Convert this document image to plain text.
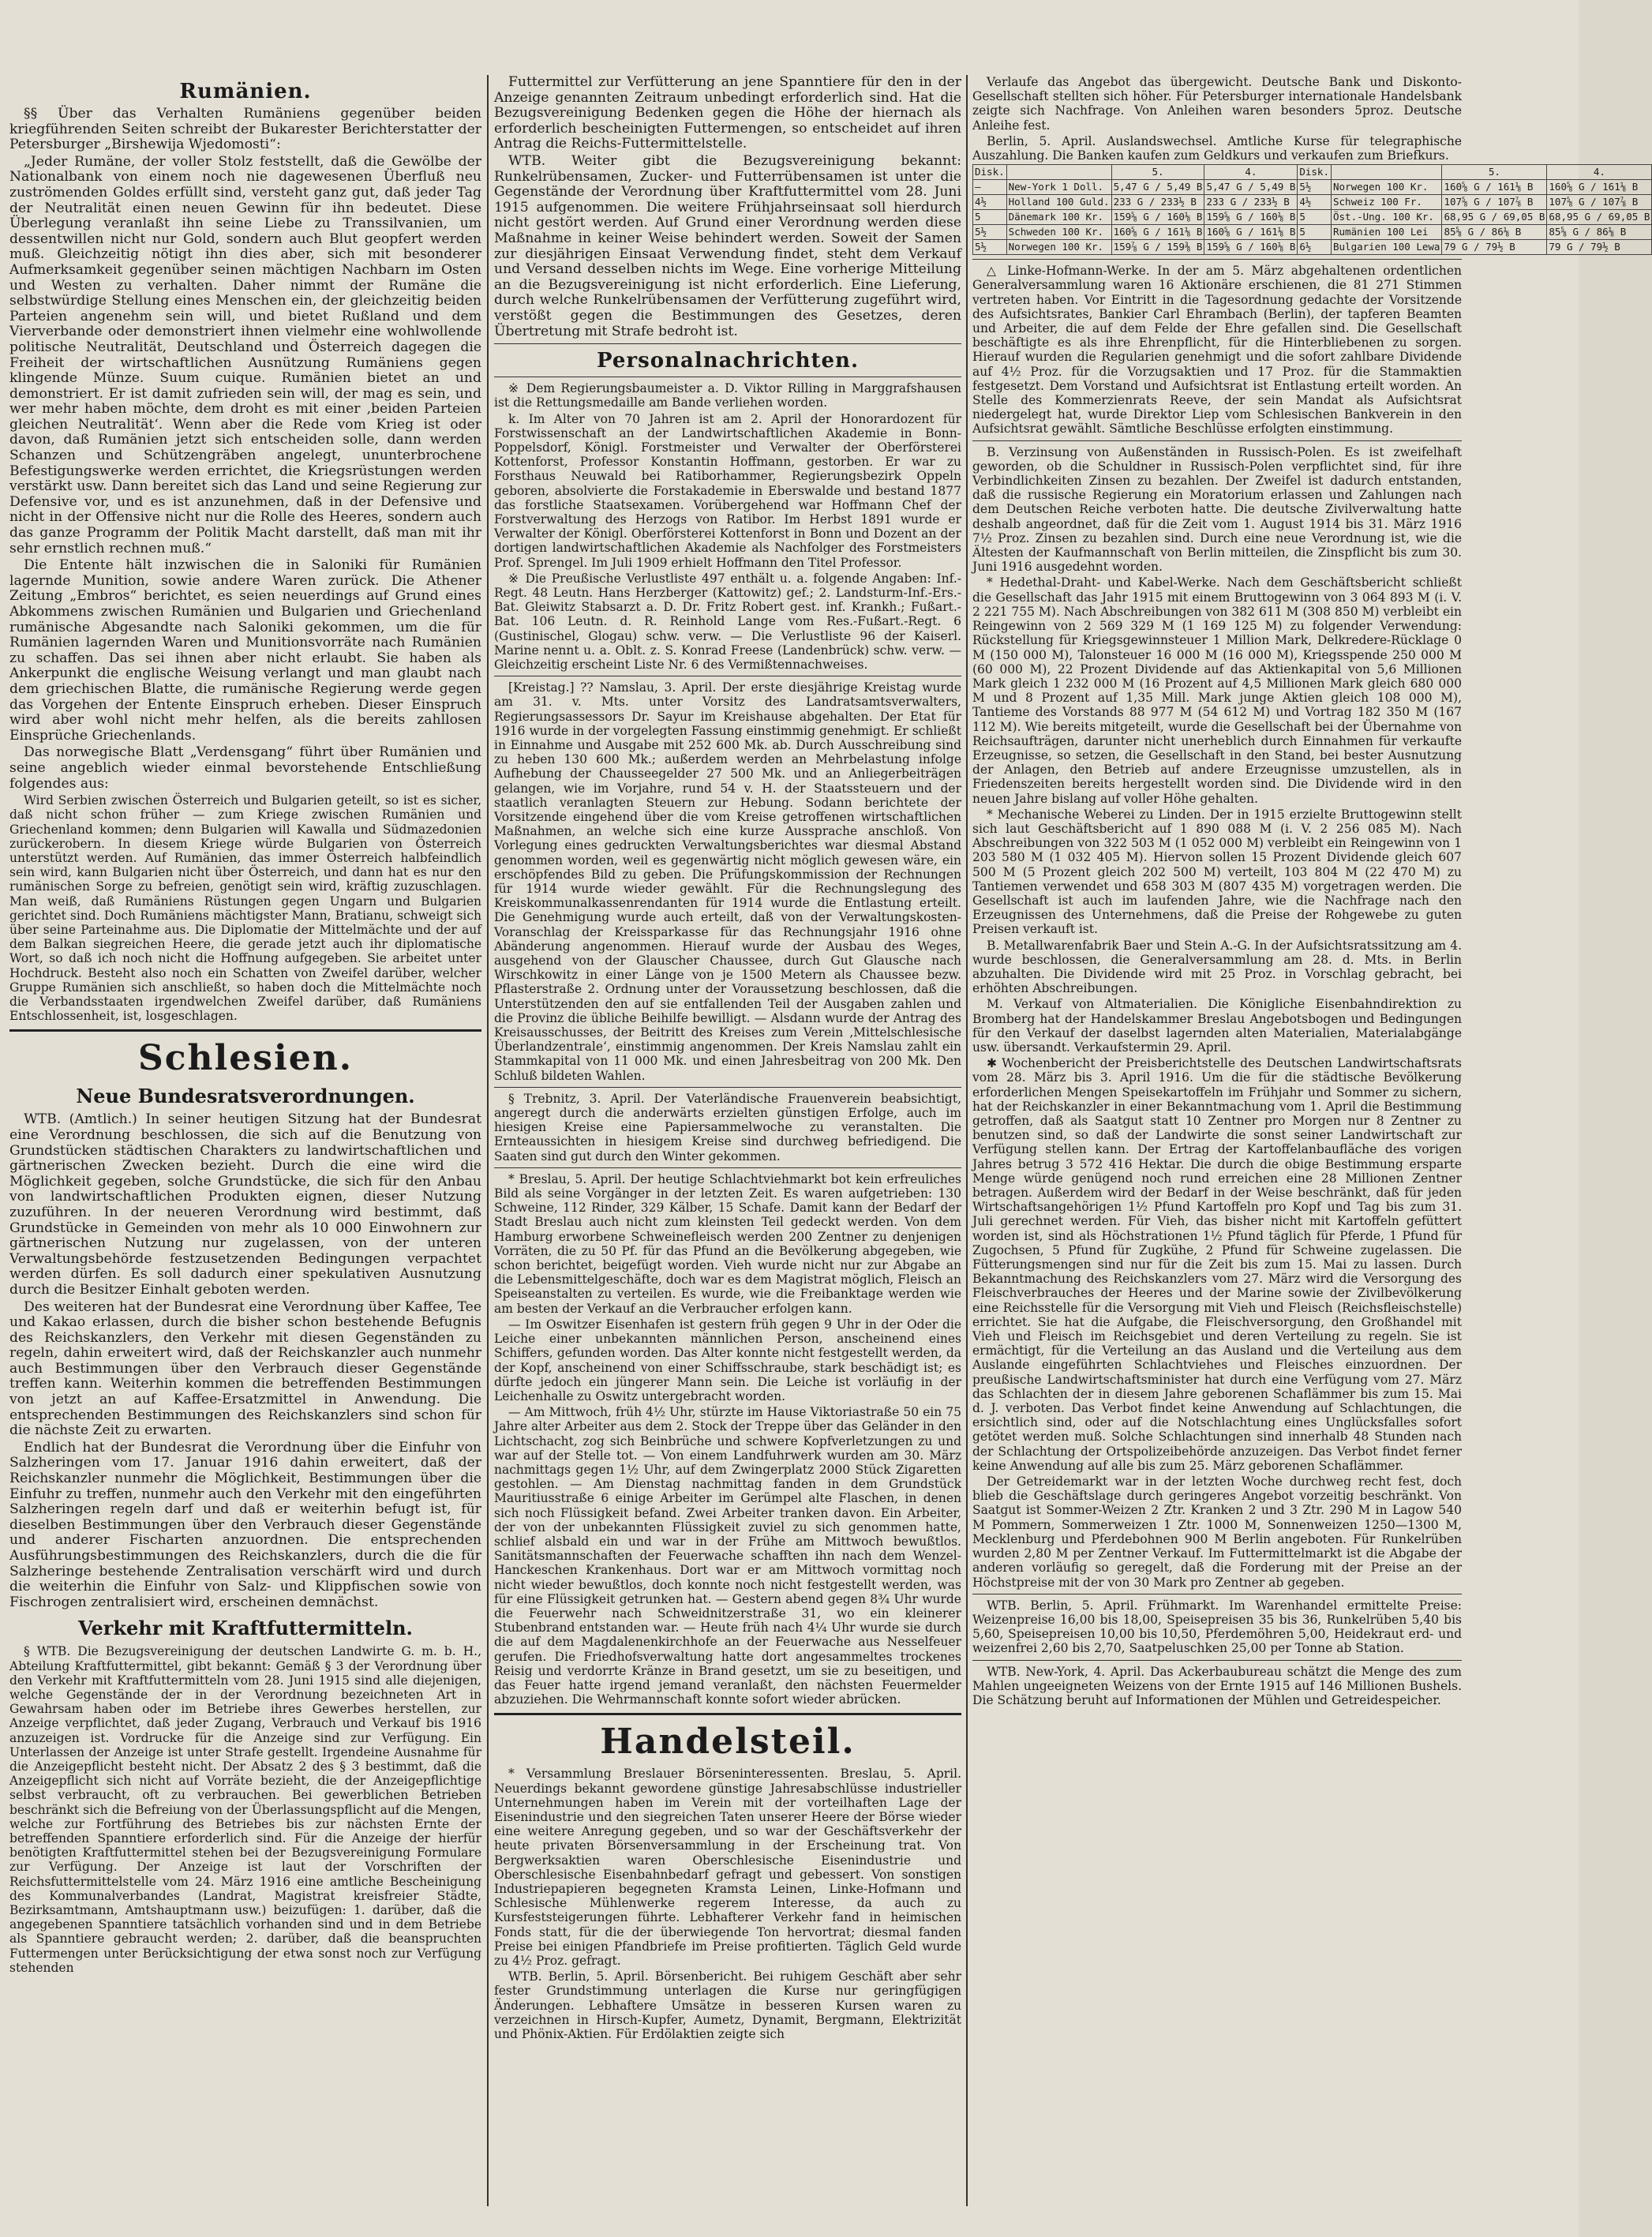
Rumänien.

§§ Über das Verhalten Rumäniens gegenüber beiden kriegführenden Seiten schreibt der Bukarester Berichterstatter der Petersburger „Birshewija Wjedomosti“:

„Jeder Rumäne, der voller Stolz feststellt, daß die Gewölbe der Nationalbank von einem noch nie dagewesenen Überfluß neu zuströmenden Goldes erfüllt sind, versteht ganz gut, daß jeder Tag der Neutralität einen neuen Gewinn für ihn bedeutet. Diese Überlegung veranlaßt ihn seine Liebe zu Transsilvanien, um dessentwillen nicht nur Gold, sondern auch Blut geopfert werden muß. Gleichzeitig nötigt ihn dies aber, sich mit besonderer Aufmerksamkeit gegenüber seinen mächtigen Nachbarn im Osten und Westen zu verhalten. Daher nimmt der Rumäne die selbstwürdige Stellung eines Menschen ein, der gleichzeitig beiden Parteien angenehm sein will, und bietet Rußland und dem Vierverbande oder demonstriert ihnen vielmehr eine wohlwollende politische Neutralität, Deutschland und Österreich dagegen die Freiheit der wirtschaftlichen Ausnützung Rumäniens gegen klingende Münze. Suum cuique. Rumänien bietet an und demonstriert. Er ist damit zufrieden sein will, der mag es sein, und wer mehr haben möchte, dem droht es mit einer ‚beiden Parteien gleichen Neutralität‘. Wenn aber die Rede vom Krieg ist oder davon, daß Rumänien jetzt sich entscheiden solle, dann werden Schanzen und Schützengräben angelegt, ununterbrochene Befestigungswerke werden errichtet, die Kriegsrüstungen werden verstärkt usw. Dann bereitet sich das Land und seine Regierung zur Defensive vor, und es ist anzunehmen, daß in der Defensive und nicht in der Offensive nicht nur die Rolle des Heeres, sondern auch das ganze Programm der Politik Macht darstellt, daß man mit ihr sehr ernstlich rechnen muß.“

Die Entente hält inzwischen die in Saloniki für Rumänien lagernde Munition, sowie andere Waren zurück. Die Athener Zeitung „Embros“ berichtet, es seien neuerdings auf Grund eines Abkommens zwischen Rumänien und Bulgarien und Griechenland rumänische Abgesandte nach Saloniki gekommen, um die für Rumänien lagernden Waren und Munitionsvorräte nach Rumänien zu schaffen. Das sei ihnen aber nicht erlaubt. Sie haben als Ankerpunkt die englische Weisung verlangt und man glaubt nach dem griechischen Blatte, die rumänische Regierung werde gegen das Vorgehen der Entente Einspruch erheben. Dieser Einspruch wird aber wohl nicht mehr helfen, als die bereits zahllosen Einsprüche Griechenlands.

Das norwegische Blatt „Verdensgang“ führt über Rumänien und seine angeblich wieder einmal bevorstehende Entschließung folgendes aus:

Wird Serbien zwischen Österreich und Bulgarien geteilt, so ist es sicher, daß nicht schon früher — zum Kriege zwischen Rumänien und Griechenland kommen; denn Bulgarien will Kawalla und Südmazedonien zurückerobern. In diesem Kriege würde Bulgarien von Österreich unterstützt werden. Auf Rumänien, das immer Österreich halbfeindlich sein wird, kann Bulgarien nicht über Österreich, und dann hat es nur den rumänischen Sorge zu befreien, genötigt sein wird, kräftig zuzuschlagen. Man weiß, daß Rumäniens Rüstungen gegen Ungarn und Bulgarien gerichtet sind. Doch Rumäniens mächtigster Mann, Bratianu, schweigt sich über seine Parteinahme aus. Die Diplomatie der Mittelmächte und der auf dem Balkan siegreichen Heere, die gerade jetzt auch ihr diplomatische Wort, so daß ich noch nicht die Hoffnung aufgegeben. Sie arbeitet unter Hochdruck. Besteht also noch ein Schatten von Zweifel darüber, welcher Gruppe Rumänien sich anschließt, so haben doch die Mittelmächte noch die Verbandsstaaten irgendwelchen Zweifel darüber, daß Rumäniens Entschlossenheit, ist, losgeschlagen.

Schlesien.
Neue Bundesratsverordnungen.

WTB. (Amtlich.) In seiner heutigen Sitzung hat der Bundesrat eine Verordnung beschlossen, die sich auf die Benutzung von Grundstücken städtischen Charakters zu landwirtschaftlichen und gärtnerischen Zwecken bezieht. Durch die eine wird die Möglichkeit gegeben, solche Grundstücke, die sich für den Anbau von landwirtschaftlichen Produkten eignen, dieser Nutzung zuzuführen. In der neueren Verordnung wird bestimmt, daß Grundstücke in Gemeinden von mehr als 10 000 Einwohnern zur gärtnerischen Nutzung nur zugelassen, von der unteren Verwaltungsbehörde festzusetzenden Bedingungen verpachtet werden dürfen. Es soll dadurch einer spekulativen Ausnutzung durch die Besitzer Einhalt geboten werden.

Des weiteren hat der Bundesrat eine Verordnung über Kaffee, Tee und Kakao erlassen, durch die bisher schon bestehende Befugnis des Reichskanzlers, den Verkehr mit diesen Gegenständen zu regeln, dahin erweitert wird, daß der Reichskanzler auch nunmehr auch Bestimmungen über den Verbrauch dieser Gegenstände treffen kann. Weiterhin kommen die betreffenden Bestimmungen von jetzt an auf Kaffee-Ersatzmittel in Anwendung. Die entsprechenden Bestimmungen des Reichskanzlers sind schon für die nächste Zeit zu erwarten.

Endlich hat der Bundesrat die Verordnung über die Einfuhr von Salzheringen vom 17. Januar 1916 dahin erweitert, daß der Reichskanzler nunmehr die Möglichkeit, Bestimmungen über die Einfuhr zu treffen, nunmehr auch den Verkehr mit den eingeführten Salzheringen regeln darf und daß er weiterhin befugt ist, für dieselben Bestimmungen über den Verbrauch dieser Gegenstände und anderer Fischarten anzuordnen. Die entsprechenden Ausführungsbestimmungen des Reichskanzlers, durch die die für Salzheringe bestehende Zentralisation verschärft wird und durch die weiterhin die Einfuhr von Salz- und Klippfischen sowie von Fischrogen zentralisiert wird, erscheinen demnächst.

Verkehr mit Kraftfuttermitteln.

§ WTB. Die Bezugsvereinigung der deutschen Landwirte G. m. b. H., Abteilung Kraftfuttermittel, gibt bekannt: Gemäß § 3 der Verordnung über den Verkehr mit Kraftfuttermitteln vom 28. Juni 1915 sind alle diejenigen, welche Gegenstände der in der Verordnung bezeichneten Art in Gewahrsam haben oder im Betriebe ihres Gewerbes herstellen, zur Anzeige verpflichtet, daß jeder Zugang, Verbrauch und Verkauf bis 1916 anzuzeigen ist. Vordrucke für die Anzeige sind zur Verfügung. Ein Unterlassen der Anzeige ist unter Strafe gestellt. Irgendeine Ausnahme für die Anzeigepflicht besteht nicht. Der Absatz 2 des § 3 bestimmt, daß die Anzeigepflicht sich nicht auf Vorräte bezieht, die der Anzeigepflichtige selbst verbraucht, oft zu verbrauchen. Bei gewerblichen Betrieben beschränkt sich die Befreiung von der Überlassungspflicht auf die Mengen, welche zur Fortführung des Betriebes bis zur nächsten Ernte der betreffenden Spanntiere erforderlich sind. Für die Anzeige der hierfür benötigten Kraftfuttermittel stehen bei der Bezugsvereinigung Formulare zur Verfügung. Der Anzeige ist laut der Vorschriften der Reichsfuttermittelstelle vom 24. März 1916 eine amtliche Bescheinigung des Kommunalverbandes (Landrat, Magistrat kreisfreier Städte, Bezirksamtmann, Amtshauptmann usw.) beizufügen: 1. darüber, daß die angegebenen Spanntiere tatsächlich vorhanden sind und in dem Betriebe als Spanntiere gebraucht werden; 2. darüber, daß die beanspruchten Futtermengen unter Berücksichtigung der etwa sonst noch zur Verfügung stehenden

Futtermittel zur Verfütterung an jene Spanntiere für den in der Anzeige genannten Zeitraum unbedingt erforderlich sind. Hat die Bezugsvereinigung Bedenken gegen die Höhe der hiernach als erforderlich bescheinigten Futtermengen, so entscheidet auf ihren Antrag die Reichs-Futtermittelstelle.

WTB. Weiter gibt die Bezugsvereinigung bekannt: Runkelrübensamen, Zucker- und Futterrübensamen ist unter die Gegenstände der Verordnung über Kraftfuttermittel vom 28. Juni 1915 aufgenommen. Die weitere Frühjahrseinsaat soll hierdurch nicht gestört werden. Auf Grund einer Verordnung werden diese Maßnahme in keiner Weise behindert werden. Soweit der Samen zur diesjährigen Einsaat Verwendung findet, steht dem Verkauf und Versand desselben nichts im Wege. Eine vorherige Mitteilung an die Bezugsvereinigung ist nicht erforderlich. Eine Lieferung, durch welche Runkelrübensamen der Verfütterung zugeführt wird, verstößt gegen die Bestimmungen des Gesetzes, deren Übertretung mit Strafe bedroht ist.

Personalnachrichten.

※ Dem Regierungsbaumeister a. D. Viktor Rilling in Marggrafshausen ist die Rettungsmedaille am Bande verliehen worden.

k. Im Alter von 70 Jahren ist am 2. April der Honorardozent für Forstwissenschaft an der Landwirtschaftlichen Akademie in Bonn-Poppelsdorf, Königl. Forstmeister und Verwalter der Oberförsterei Kottenforst, Professor Konstantin Hoffmann, gestorben. Er war zu Forsthaus Neuwald bei Ratiborhammer, Regierungsbezirk Oppeln geboren, absolvierte die Forstakademie in Eberswalde und bestand 1877 das forstliche Staatsexamen. Vorübergehend war Hoffmann Chef der Forstverwaltung des Herzogs von Ratibor. Im Herbst 1891 wurde er Verwalter der Königl. Oberförsterei Kottenforst in Bonn und Dozent an der dortigen landwirtschaftlichen Akademie als Nachfolger des Forstmeisters Prof. Sprengel. Im Juli 1909 erhielt Hoffmann den Titel Professor.

※ Die Preußische Verlustliste 497 enthält u. a. folgende Angaben: Inf.-Regt. 48 Leutn. Hans Herzberger (Kattowitz) gef.; 2. Landsturm-Inf.-Ers.-Bat. Gleiwitz Stabsarzt a. D. Dr. Fritz Robert gest. inf. Krankh.; Fußart.-Bat. 106 Leutn. d. R. Reinhold Lange vom Res.-Fußart.-Regt. 6 (Gustinischel, Glogau) schw. verw. — Die Verlustliste 96 der Kaiserl. Marine nennt u. a. Oblt. z. S. Konrad Freese (Landenbrück) schw. verw. — Gleichzeitig erscheint Liste Nr. 6 des Vermißtennachweises.

[Kreistag.] ?? Namslau, 3. April. Der erste diesjährige Kreistag wurde am 31. v. Mts. unter Vorsitz des Landratsamtsverwalters, Regierungsassessors Dr. Sayur im Kreishause abgehalten. Der Etat für 1916 wurde in der vorgelegten Fassung einstimmig genehmigt. Er schließt in Einnahme und Ausgabe mit 252 600 Mk. ab. Durch Ausschreibung sind zu heben 130 600 Mk.; außerdem werden an Mehrbelastung infolge Aufhebung der Chausseegelder 27 500 Mk. und an Anliegerbeiträgen gelangen, wie im Vorjahre, rund 54 v. H. der Staatssteuern und der staatlich veranlagten Steuern zur Hebung. Sodann berichtete der Vorsitzende eingehend über die vom Kreise getroffenen wirtschaftlichen Maßnahmen, an welche sich eine kurze Aussprache anschloß. Von Vorlegung eines gedruckten Verwaltungsberichtes war diesmal Abstand genommen worden, weil es gegenwärtig nicht möglich gewesen wäre, ein erschöpfendes Bild zu geben. Die Prüfungskommission der Rechnungen für 1914 wurde wieder gewählt. Für die Rechnungslegung des Kreiskommunalkassenrendanten für 1914 wurde die Entlastung erteilt. Die Genehmigung wurde auch erteilt, daß von der Verwaltungskosten-Voranschlag der Kreissparkasse für das Rechnungsjahr 1916 ohne Abänderung angenommen. Hierauf wurde der Ausbau des Weges, ausgehend von der Glauscher Chaussee, durch Gut Glausche nach Wirschkowitz in einer Länge von je 1500 Metern als Chaussee bezw. Pflasterstraße 2. Ordnung unter der Voraussetzung beschlossen, daß die Unterstützenden den auf sie entfallenden Teil der Ausgaben zahlen und die Provinz die übliche Beihilfe bewilligt. — Alsdann wurde der Antrag des Kreisausschusses, der Beitritt des Kreises zum Verein ‚Mittelschlesische Überlandzentrale‘, einstimmig angenommen. Der Kreis Namslau zahlt ein Stammkapital von 11 000 Mk. und einen Jahresbeitrag von 200 Mk. Den Schluß bildeten Wahlen.

§ Trebnitz, 3. April. Der Vaterländische Frauenverein beabsichtigt, angeregt durch die anderwärts erzielten günstigen Erfolge, auch im hiesigen Kreise eine Papiersammelwoche zu veranstalten. Die Ernteaussichten in hiesigem Kreise sind durchweg befriedigend. Die Saaten sind gut durch den Winter gekommen.

* Breslau, 5. April. Der heutige Schlachtviehmarkt bot kein erfreuliches Bild als seine Vorgänger in der letzten Zeit. Es waren aufgetrieben: 130 Schweine, 112 Rinder, 329 Kälber, 15 Schafe. Damit kann der Bedarf der Stadt Breslau auch nicht zum kleinsten Teil gedeckt werden. Von dem Hamburg erworbene Schweinefleisch werden 200 Zentner zu denjenigen Vorräten, die zu 50 Pf. für das Pfund an die Bevölkerung abgegeben, wie schon berichtet, beigefügt worden. Vieh wurde nicht nur zur Abgabe an die Lebensmittelgeschäfte, doch war es dem Magistrat möglich, Fleisch an Speiseanstalten zu verteilen. Es wurde, wie die Freibanktage werden wie am besten der Verkauf an die Verbraucher erfolgen kann.

— Im Oswitzer Eisenhafen ist gestern früh gegen 9 Uhr in der Oder die Leiche einer unbekannten männlichen Person, anscheinend eines Schiffers, gefunden worden. Das Alter konnte nicht festgestellt werden, da der Kopf, anscheinend von einer Schiffsschraube, stark beschädigt ist; es dürfte jedoch ein jüngerer Mann sein. Die Leiche ist vorläufig in der Leichenhalle zu Oswitz untergebracht worden.

— Am Mittwoch, früh 4½ Uhr, stürzte im Hause Viktoriastraße 50 ein 75 Jahre alter Arbeiter aus dem 2. Stock der Treppe über das Geländer in den Lichtschacht, zog sich Beinbrüche und schwere Kopfverletzungen zu und war auf der Stelle tot. — Von einem Landfuhrwerk wurden am 30. März nachmittags gegen 1½ Uhr, auf dem Zwingerplatz 2000 Stück Zigaretten gestohlen. — Am Dienstag nachmittag fanden in dem Grundstück Mauritiusstraße 6 einige Arbeiter im Gerümpel alte Flaschen, in denen sich noch Flüssigkeit befand. Zwei Arbeiter tranken davon. Ein Arbeiter, der von der unbekannten Flüssigkeit zuviel zu sich genommen hatte, schlief alsbald ein und war in der Frühe am Mittwoch bewußtlos. Sanitätsmannschaften der Feuerwache schafften ihn nach dem Wenzel-Hanckeschen Krankenhaus. Dort war er am Mittwoch vormittag noch nicht wieder bewußtlos, doch konnte noch nicht festgestellt werden, was für eine Flüssigkeit getrunken hat. — Gestern abend gegen 8¾ Uhr wurde die Feuerwehr nach Schweidnitzerstraße 31, wo ein kleinerer Stubenbrand entstanden war. — Heute früh nach 4¼ Uhr wurde sie durch die auf dem Magdalenenkirchhofe an der Feuerwache aus Nesselfeuer gerufen. Die Friedhofsverwaltung hatte dort angesammeltes trockenes Reisig und verdorrte Kränze in Brand gesetzt, um sie zu beseitigen, und das Feuer hatte irgend jemand veranlaßt, den nächsten Feuermelder abzuziehen. Die Wehrmannschaft konnte sofort wieder abrücken.

Handelsteil.

* Versammlung Breslauer Börseninteressenten. Breslau, 5. April. Neuerdings bekannt gewordene günstige Jahresabschlüsse industrieller Unternehmungen haben im Verein mit der vorteilhaften Lage der Eisenindustrie und den siegreichen Taten unserer Heere der Börse wieder eine weitere Anregung gegeben, und so war der Geschäftsverkehr der heute privaten Börsenversammlung in der Erscheinung trat. Von Bergwerksaktien waren Oberschlesische Eisenindustrie und Oberschlesische Eisenbahnbedarf gefragt und gebessert. Von sonstigen Industriepapieren begegneten Kramsta Leinen, Linke-Hofmann und Schlesische Mühlenwerke regerem Interesse, da auch zu Kursfeststeigerungen führte. Lebhafterer Verkehr fand in heimischen Fonds statt, für die der überwiegende Ton hervortrat; diesmal fanden Preise bei einigen Pfandbriefe im Preise profitierten. Täglich Geld wurde zu 4½ Proz. gefragt.

WTB. Berlin, 5. April. Börsenbericht. Bei ruhigem Geschäft aber sehr fester Grundstimmung unterlagen die Kurse nur geringfügigen Änderungen. Lebhaftere Umsätze in besseren Kursen waren zu verzeichnen in Hirsch-Kupfer, Aumetz, Dynamit, Bergmann, Elektrizität und Phönix-Aktien. Für Erdölaktien zeigte sich

Verlaufe das Angebot das übergewicht. Deutsche Bank und Diskonto-Gesellschaft stellten sich höher. Für Petersburger internationale Handelsbank zeigte sich Nachfrage. Von Anleihen waren besonders 5proz. Deutsche Anleihe fest.

Berlin, 5. April. Auslandswechsel. Amtliche Kurse für telegraphische Auszahlung. Die Banken kaufen zum Geldkurs und verkaufen zum Briefkurs.

Disk.		5.	4.	Disk.		5.	4.
—	New-York 1 Doll.	5,47 G / 5,49 B	5,47 G / 5,49 B	5½	Norwegen 100 Kr.	160⅝ G / 161⅛ B	160⅝ G / 161⅛ B
4½	Holland 100 Guld.	233 G / 233½ B	233 G / 233½ B	4½	Schweiz 100 Fr.	107⅝ G / 107⅞ B	107⅝ G / 107⅞ B
5	Dänemark 100 Kr.	159⅝ G / 160⅛ B	159⅝ G / 160⅛ B	5	Öst.-Ung. 100 Kr.	68,95 G / 69,05 B	68,95 G / 69,05 B
5½	Schweden 100 Kr.	160⅝ G / 161⅛ B	160⅝ G / 161⅛ B	5	Rumänien 100 Lei	85⅝ G / 86⅛ B	85⅝ G / 86⅛ B
5½	Norwegen 100 Kr.	159⅞ G / 159⅜ B	159⅝ G / 160⅛ B	6½	Bulgarien 100 Lewa	79 G / 79½ B	79 G / 79½ B

△ Linke-Hofmann-Werke. In der am 5. März abgehaltenen ordentlichen Generalversammlung waren 16 Aktionäre erschienen, die 81 271 Stimmen vertreten haben. Vor Eintritt in die Tagesordnung gedachte der Vorsitzende des Aufsichtsrates, Bankier Carl Ehrambach (Berlin), der tapferen Beamten und Arbeiter, die auf dem Felde der Ehre gefallen sind. Die Gesellschaft beschäftigte es als ihre Ehrenpflicht, für die Hinterbliebenen zu sorgen. Hierauf wurden die Regularien genehmigt und die sofort zahlbare Dividende auf 4½ Proz. für die Vorzugsaktien und 17 Proz. für die Stammaktien festgesetzt. Dem Vorstand und Aufsichtsrat ist Entlastung erteilt worden. An Stelle des Kommerzienrats Reeve, der sein Mandat als Aufsichtsrat niedergelegt hat, wurde Direktor Liep vom Schlesischen Bankverein in den Aufsichtsrat gewählt. Sämtliche Beschlüsse erfolgten einstimmung.

B. Verzinsung von Außenständen in Russisch-Polen. Es ist zweifelhaft geworden, ob die Schuldner in Russisch-Polen verpflichtet sind, für ihre Verbindlichkeiten Zinsen zu bezahlen. Der Zweifel ist dadurch entstanden, daß die russische Regierung ein Moratorium erlassen und Zahlungen nach dem Deutschen Reiche verboten hatte. Die deutsche Zivilverwaltung hatte deshalb angeordnet, daß für die Zeit vom 1. August 1914 bis 31. März 1916 7½ Proz. Zinsen zu bezahlen sind. Durch eine neue Verordnung ist, wie die Ältesten der Kaufmannschaft von Berlin mitteilen, die Zinspflicht bis zum 30. Juni 1916 ausgedehnt worden.

* Hedethal-Draht- und Kabel-Werke. Nach dem Geschäftsbericht schließt die Gesellschaft das Jahr 1915 mit einem Bruttogewinn von 3 064 893 M (i. V. 2 221 755 M). Nach Abschreibungen von 382 611 M (308 850 M) verbleibt ein Reingewinn von 2 569 329 M (1 169 125 M) zu folgender Verwendung: Rückstellung für Kriegsgewinnsteuer 1 Million Mark, Delkredere-Rücklage 0 M (150 000 M), Talonsteuer 16 000 M (16 000 M), Kriegsspende 250 000 M (60 000 M), 22 Prozent Dividende auf das Aktienkapital von 5,6 Millionen Mark gleich 1 232 000 M (16 Prozent auf 4,5 Millionen Mark gleich 680 000 M und 8 Prozent auf 1,35 Mill. Mark junge Aktien gleich 108 000 M), Tantieme des Vorstands 88 977 M (54 612 M) und Vortrag 182 350 M (167 112 M). Wie bereits mitgeteilt, wurde die Gesellschaft bei der Übernahme von Reichsaufträgen, darunter nicht unerheblich durch Einnahmen für verkaufte Erzeugnisse, so setzen, die Gesellschaft in den Stand, bei bester Ausnutzung der Anlagen, den Betrieb auf andere Erzeugnisse umzustellen, als in Friedenszeiten bereits hergestellt worden sind. Die Dividende wird in den neuen Jahre bislang auf voller Höhe gehalten.

* Mechanische Weberei zu Linden. Der in 1915 erzielte Bruttogewinn stellt sich laut Geschäftsbericht auf 1 890 088 M (i. V. 2 256 085 M). Nach Abschreibungen von 322 503 M (1 052 000 M) verbleibt ein Reingewinn von 1 203 580 M (1 032 405 M). Hiervon sollen 15 Prozent Dividende gleich 607 500 M (5 Prozent gleich 202 500 M) verteilt, 103 804 M (22 470 M) zu Tantiemen verwendet und 658 303 M (807 435 M) vorgetragen werden. Die Gesellschaft ist auch im laufenden Jahre, wie die Nachfrage nach den Erzeugnissen des Unternehmens, daß die Preise der Rohgewebe zu guten Preisen verkauft ist.

B. Metallwarenfabrik Baer und Stein A.-G. In der Aufsichtsratssitzung am 4. wurde beschlossen, die Generalversammlung am 28. d. Mts. in Berlin abzuhalten. Die Dividende wird mit 25 Proz. in Vorschlag gebracht, bei erhöhten Abschreibungen.

M. Verkauf von Altmaterialien. Die Königliche Eisenbahndirektion zu Bromberg hat der Handelskammer Breslau Angebotsbogen und Bedingungen für den Verkauf der daselbst lagernden alten Materialien, Materialabgänge usw. übersandt. Verkaufstermin 29. April.

✱ Wochenbericht der Preisberichtstelle des Deutschen Landwirtschaftsrats vom 28. März bis 3. April 1916. Um die für die städtische Bevölkerung erforderlichen Mengen Speisekartoffeln im Frühjahr und Sommer zu sichern, hat der Reichskanzler in einer Bekanntmachung vom 1. April die Bestimmung getroffen, daß als Saatgut statt 10 Zentner pro Morgen nur 8 Zentner zu benutzen sind, so daß der Landwirte die sonst seiner Landwirtschaft zur Verfügung stellen kann. Der Ertrag der Kartoffelanbaufläche des vorigen Jahres betrug 3 572 416 Hektar. Die durch die obige Bestimmung ersparte Menge würde genügend noch rund erreichen eine 28 Millionen Zentner betragen. Außerdem wird der Bedarf in der Weise beschränkt, daß für jeden Wirtschaftsangehörigen 1½ Pfund Kartoffeln pro Kopf und Tag bis zum 31. Juli gerechnet werden. Für Vieh, das bisher nicht mit Kartoffeln gefüttert worden ist, sind als Höchstrationen 1½ Pfund täglich für Pferde, 1 Pfund für Zugochsen, 5 Pfund für Zugkühe, 2 Pfund für Schweine zugelassen. Die Fütterungsmengen sind nur für die Zeit bis zum 15. Mai zu lassen. Durch Bekanntmachung des Reichskanzlers vom 27. März wird die Versorgung des Fleischverbrauches der Heeres und der Marine sowie der Zivilbevölkerung eine Reichsstelle für die Versorgung mit Vieh und Fleisch (Reichsfleischstelle) errichtet. Sie hat die Aufgabe, die Fleischversorgung, den Großhandel mit Vieh und Fleisch im Reichsgebiet und deren Verteilung zu regeln. Sie ist ermächtigt, für die Verteilung an das Ausland und die Verteilung aus dem Auslande eingeführten Schlachtviehes und Fleisches einzuordnen. Der preußische Landwirtschaftsminister hat durch eine Verfügung vom 27. März das Schlachten der in diesem Jahre geborenen Schaflämmer bis zum 15. Mai d. J. verboten. Das Verbot findet keine Anwendung auf Schlachtungen, die ersichtlich sind, oder auf die Notschlachtung eines Unglücksfalles sofort getötet werden muß. Solche Schlachtungen sind innerhalb 48 Stunden nach der Schlachtung der Ortspolizeibehörde anzuzeigen. Das Verbot findet ferner keine Anwendung auf alle bis zum 25. März geborenen Schaflämmer.

Der Getreidemarkt war in der letzten Woche durchweg recht fest, doch blieb die Geschäftslage durch geringeres Angebot vorzeitig beschränkt. Von Saatgut ist Sommer-Weizen 2 Ztr. Kranken 2 und 3 Ztr. 290 M in Lagow 540 M Pommern, Sommerweizen 1 Ztr. 1000 M, Sonnenweizen 1250—1300 M, Mecklenburg und Pferdebohnen 900 M Berlin angeboten. Für Runkelrüben wurden 2,80 M per Zentner Verkauf. Im Futtermittelmarkt ist die Abgabe der anderen vorläufig so geregelt, daß die Forderung mit der Preise an der Höchstpreise mit der von 30 Mark pro Zentner ab gegeben.

WTB. Berlin, 5. April. Frühmarkt. Im Warenhandel ermittelte Preise: Weizenpreise 16,00 bis 18,00, Speisepreisen 35 bis 36, Runkelrüben 5,40 bis 5,60, Speisepreisen 10,00 bis 10,50, Pferdemöhren 5,00, Heidekraut erd- und weizenfrei 2,60 bis 2,70, Saatpeluschken 25,00 per Tonne ab Station.

WTB. New-York, 4. April. Das Ackerbaubureau schätzt die Menge des zum Mahlen ungeeigneten Weizens von der Ernte 1915 auf 146 Millionen Bushels. Die Schätzung beruht auf Informationen der Mühlen und Getreidespeicher.
